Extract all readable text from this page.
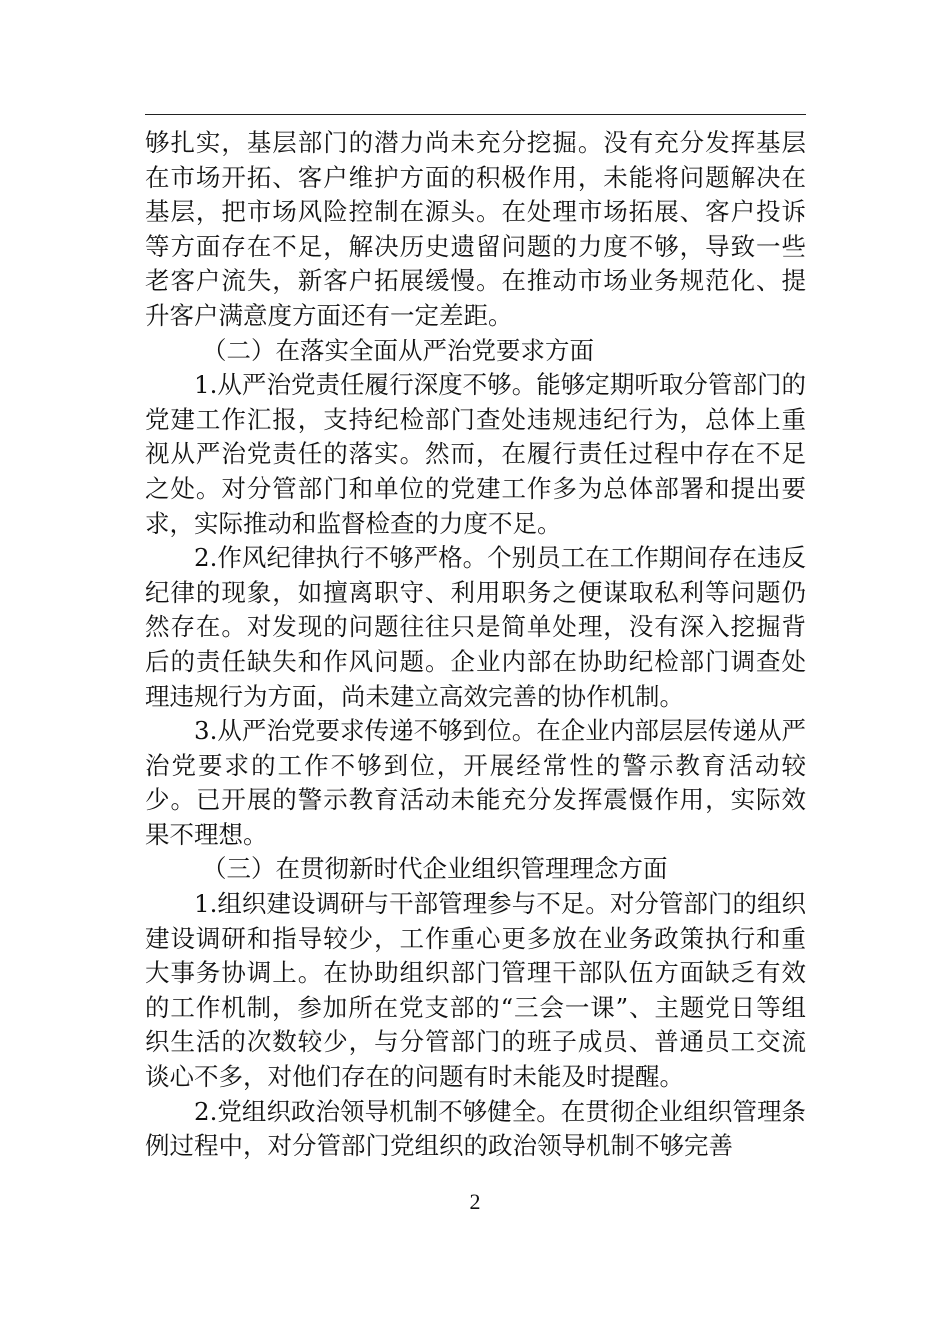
够扎实，基层部门的潜力尚未充分挖掘。没有充分发挥基层在市场开拓、客户维护方面的积极作用，未能将问题解决在基层，把市场风险控制在源头。在处理市场拓展、客户投诉等方面存在不足，解决历史遗留问题的力度不够，导致一些老客户流失，新客户拓展缓慢。在推动市场业务规范化、提升客户满意度方面还有一定差距。

（二）在落实全面从严治党要求方面

1.从严治党责任履行深度不够。能够定期听取分管部门的党建工作汇报，支持纪检部门查处违规违纪行为，总体上重视从严治党责任的落实。然而，在履行责任过程中存在不足之处。对分管部门和单位的党建工作多为总体部署和提出要求，实际推动和监督检查的力度不足。

2.作风纪律执行不够严格。个别员工在工作期间存在违反纪律的现象，如擅离职守、利用职务之便谋取私利等问题仍然存在。对发现的问题往往只是简单处理，没有深入挖掘背后的责任缺失和作风问题。企业内部在协助纪检部门调查处理违规行为方面，尚未建立高效完善的协作机制。

3.从严治党要求传递不够到位。在企业内部层层传递从严治党要求的工作不够到位，开展经常性的警示教育活动较少。已开展的警示教育活动未能充分发挥震慑作用，实际效果不理想。

（三）在贯彻新时代企业组织管理理念方面

1.组织建设调研与干部管理参与不足。对分管部门的组织建设调研和指导较少，工作重心更多放在业务政策执行和重大事务协调上。在协助组织部门管理干部队伍方面缺乏有效的工作机制，参加所在党支部的“三会一课”、主题党日等组织生活的次数较少，与分管部门的班子成员、普通员工交流谈心不多，对他们存在的问题有时未能及时提醒。

2.党组织政治领导机制不够健全。在贯彻企业组织管理条例过程中，对分管部门党组织的政治领导机制不够完善

2
